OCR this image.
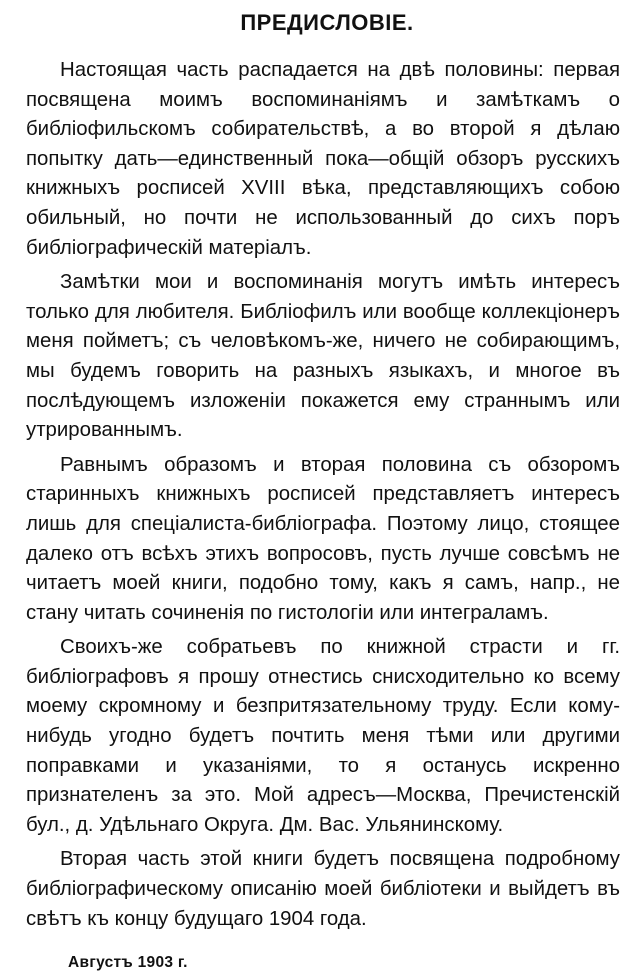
ПРЕДИСЛОВІЕ.

Настоящая часть распадается на двѣ половины: первая посвящена моимъ воспоминаніямъ и замѣткамъ о библіофильскомъ собирательствѣ, а во второй я дѣлаю попытку дать—единственный пока—общій обзоръ русскихъ книжныхъ росписей XVIII вѣка, представляющихъ собою обильный, но почти не использованный до сихъ поръ библіографическій матеріалъ.

Замѣтки мои и воспоминанія могутъ имѣть интересъ только для любителя. Библіофилъ или вообще коллекціонеръ меня пойметъ; съ человѣкомъ-же, ничего не собирающимъ, мы будемъ говорить на разныхъ языкахъ, и многое въ послѣдующемъ изложеніи покажется ему страннымъ или утрированнымъ.

Равнымъ образомъ и вторая половина съ обзоромъ старинныхъ книжныхъ росписей представляетъ интересъ лишь для спеціалиста-библіографа. Поэтому лицо, стоящее далеко отъ всѣхъ этихъ вопросовъ, пусть лучше совсѣмъ не читаетъ моей книги, подобно тому, какъ я самъ, напр., не стану читать сочиненія по гистологіи или интеграламъ.

Своихъ-же собратьевъ по книжной страсти и гг. библіографовъ я прошу отнестись снисходительно ко всему моему скромному и безпритязательному труду. Если кому-нибудь угодно будетъ почтить меня тѣми или другими поправками и указаніями, то я останусь искренно признателенъ за это. Мой адресъ—Москва, Пречистенскій бул., д. Удѣльнаго Округа. Дм. Вас. Ульянинскому.

Вторая часть этой книги будетъ посвящена подробному библіографическому описанію моей библіотеки и выйдетъ въ свѣтъ къ концу будущаго 1904 года.

Августъ 1903 г.
